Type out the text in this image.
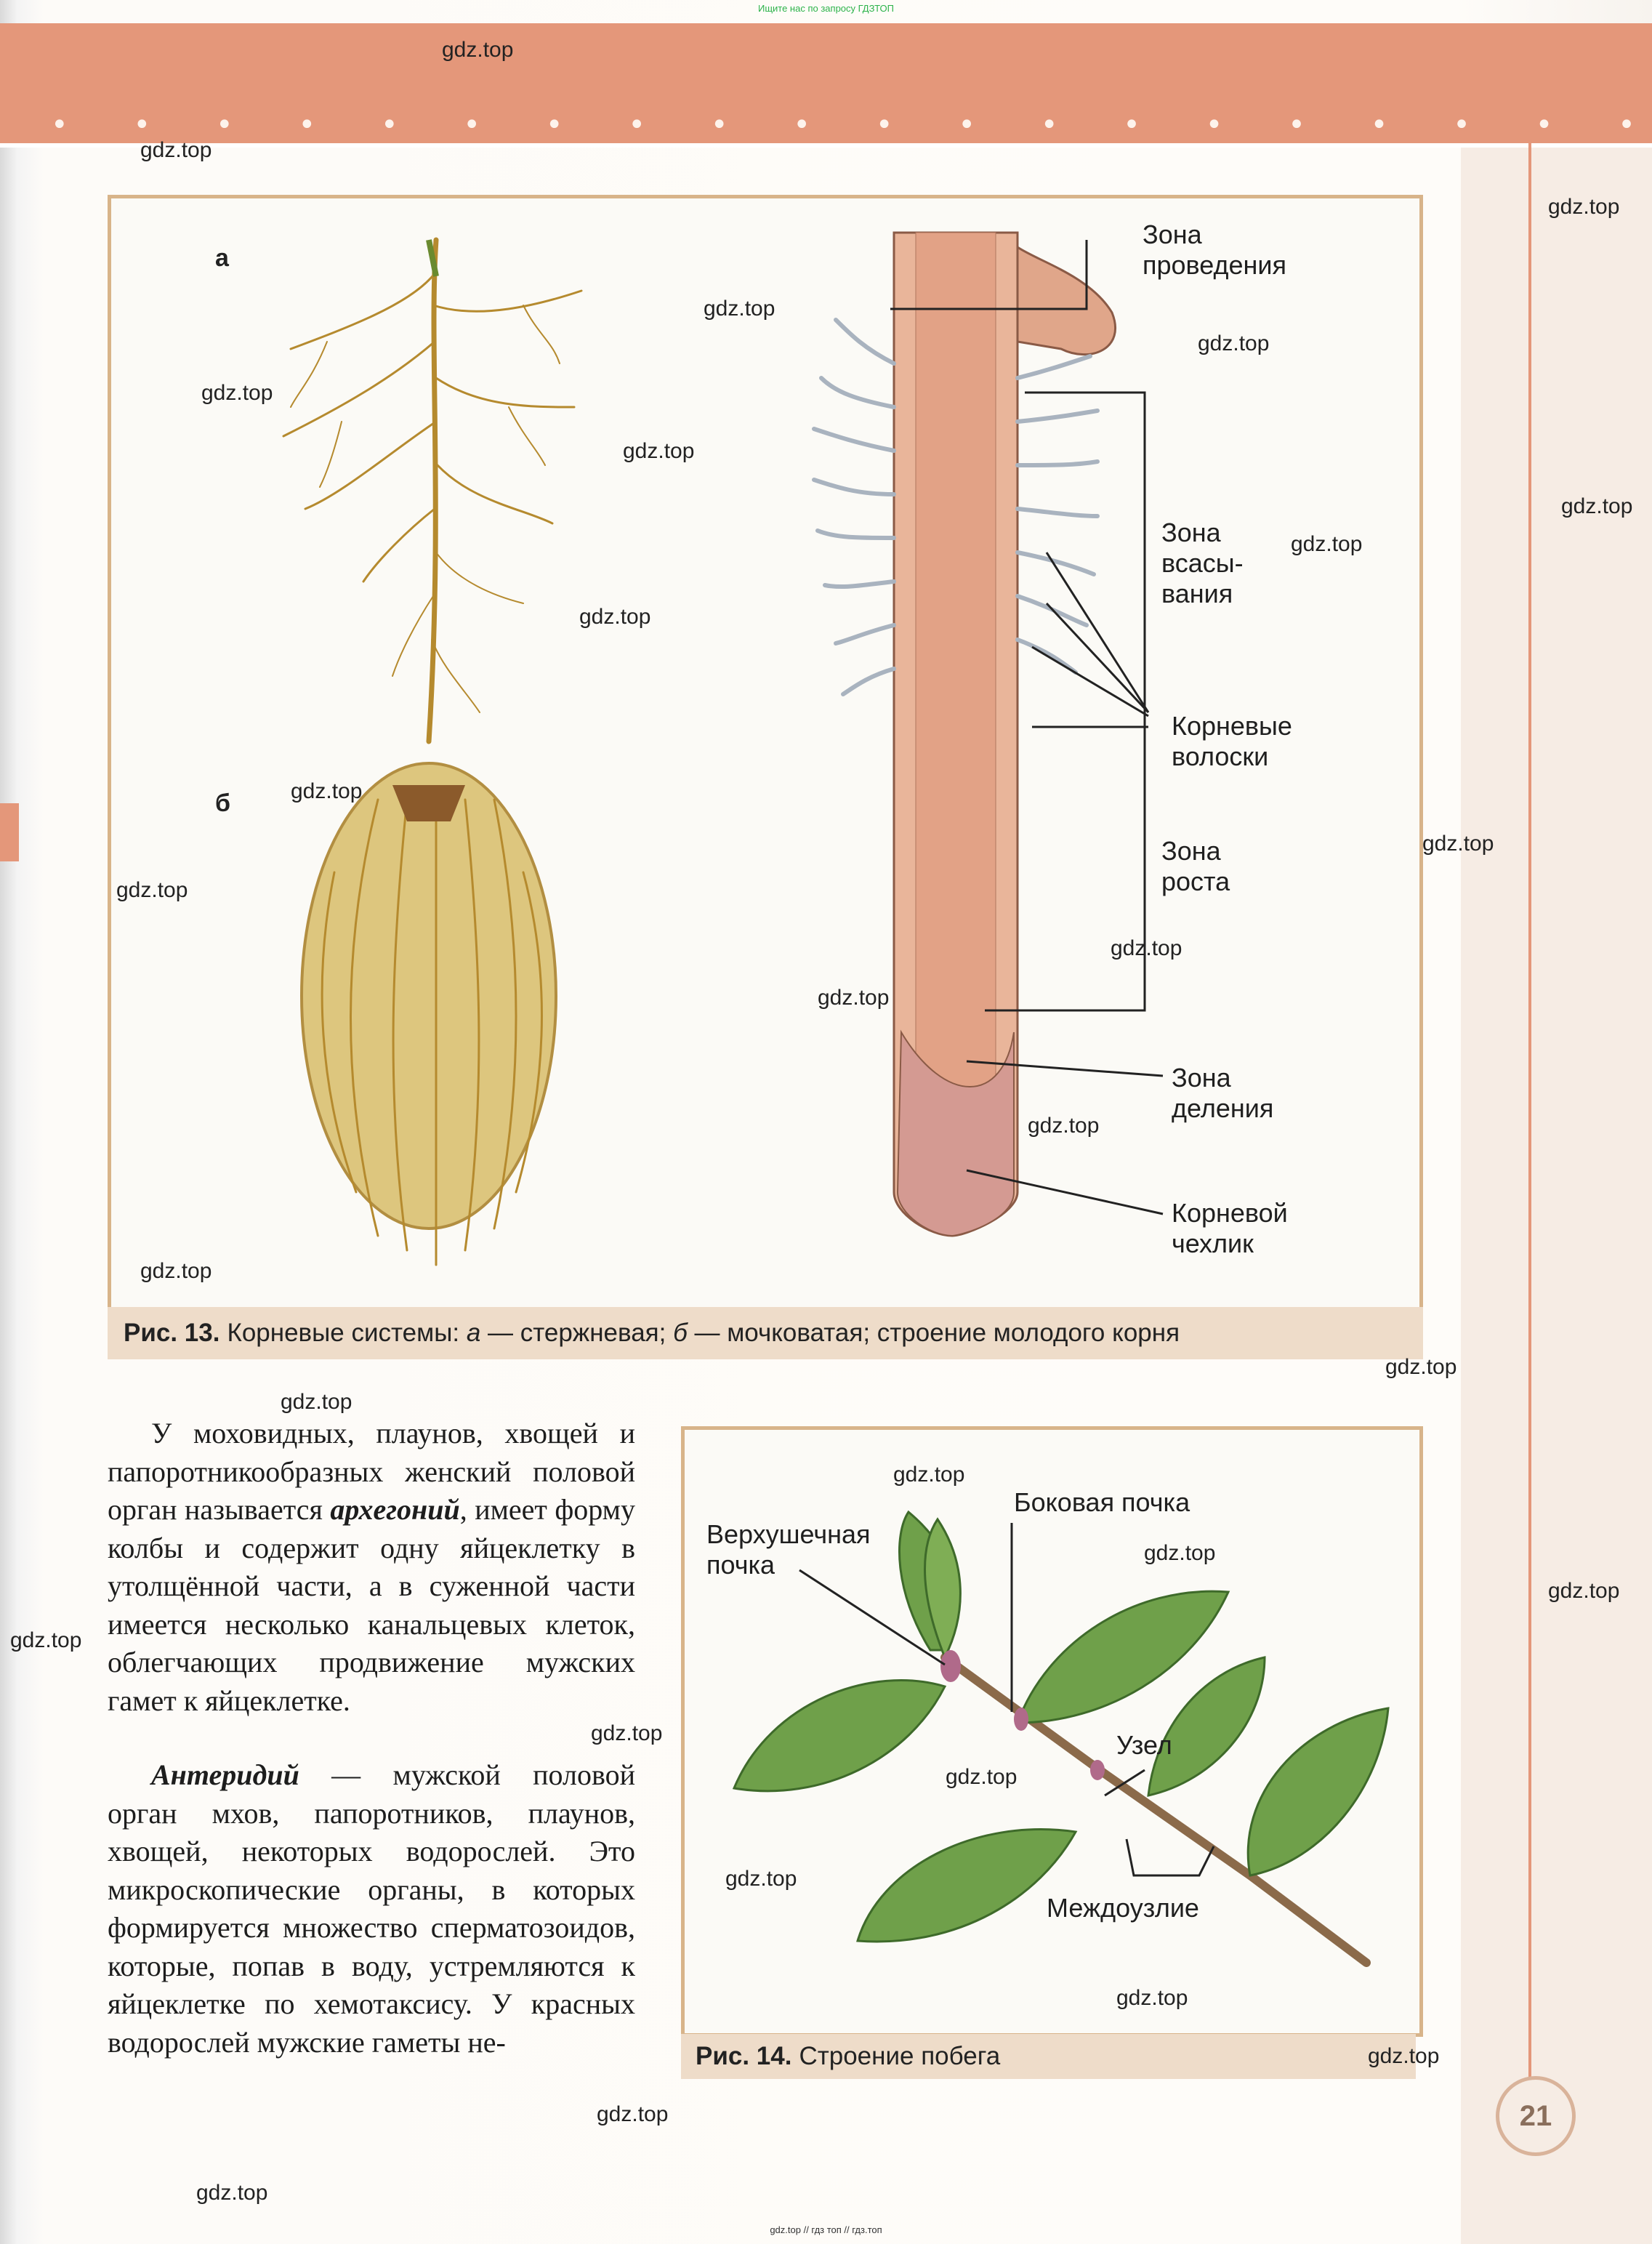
Ищите нас по запросу ГДЗТОП
• • • • • • • • • • • • • • • • • • • •
а
б
Зона
проведения
Зона
всасы-
вания
Корневые
волоски
Зона
роста
Зона
деления
Корневой
чехлик
Рис. 13. Корневые системы: а — стержневая; б — мочковатая; строение молодого корня
У моховидных, плаунов, хвощей и папоротникообразных женский половой орган называется архегоний, имеет форму колбы и содержит одну яйцеклетку в утолщённой части, а в суженной части имеется несколько канальцевых клеток, облегчающих продвижение мужских гамет к яйцеклетке.
Антеридий — мужской половой орган мхов, папоротников, плаунов, хвощей, некоторых водорослей. Это микроскопические органы, в которых формируется множество сперматозоидов, которые, попав в воду, устремляются к яйцеклетке по хемотаксису. У красных водорослей мужские гаметы не-
Боковая почка
Верхушечная
почка
Узел
Междоузлие
Рис. 14. Строение побега
21
gdz.top
gdz.top
gdz.top
gdz.top
gdz.top
gdz.top
gdz.top
gdz.top
gdz.top
gdz.top
gdz.top
gdz.top
gdz.top
gdz.top
gdz.top
gdz.top
gdz.top
gdz.top
gdz.top
gdz.top
gdz.top
gdz.top
gdz.top
gdz.top
gdz.top
gdz.top
gdz.top
gdz.top
gdz.top
gdz.top
gdz.top // гдз топ // гдз.топ
